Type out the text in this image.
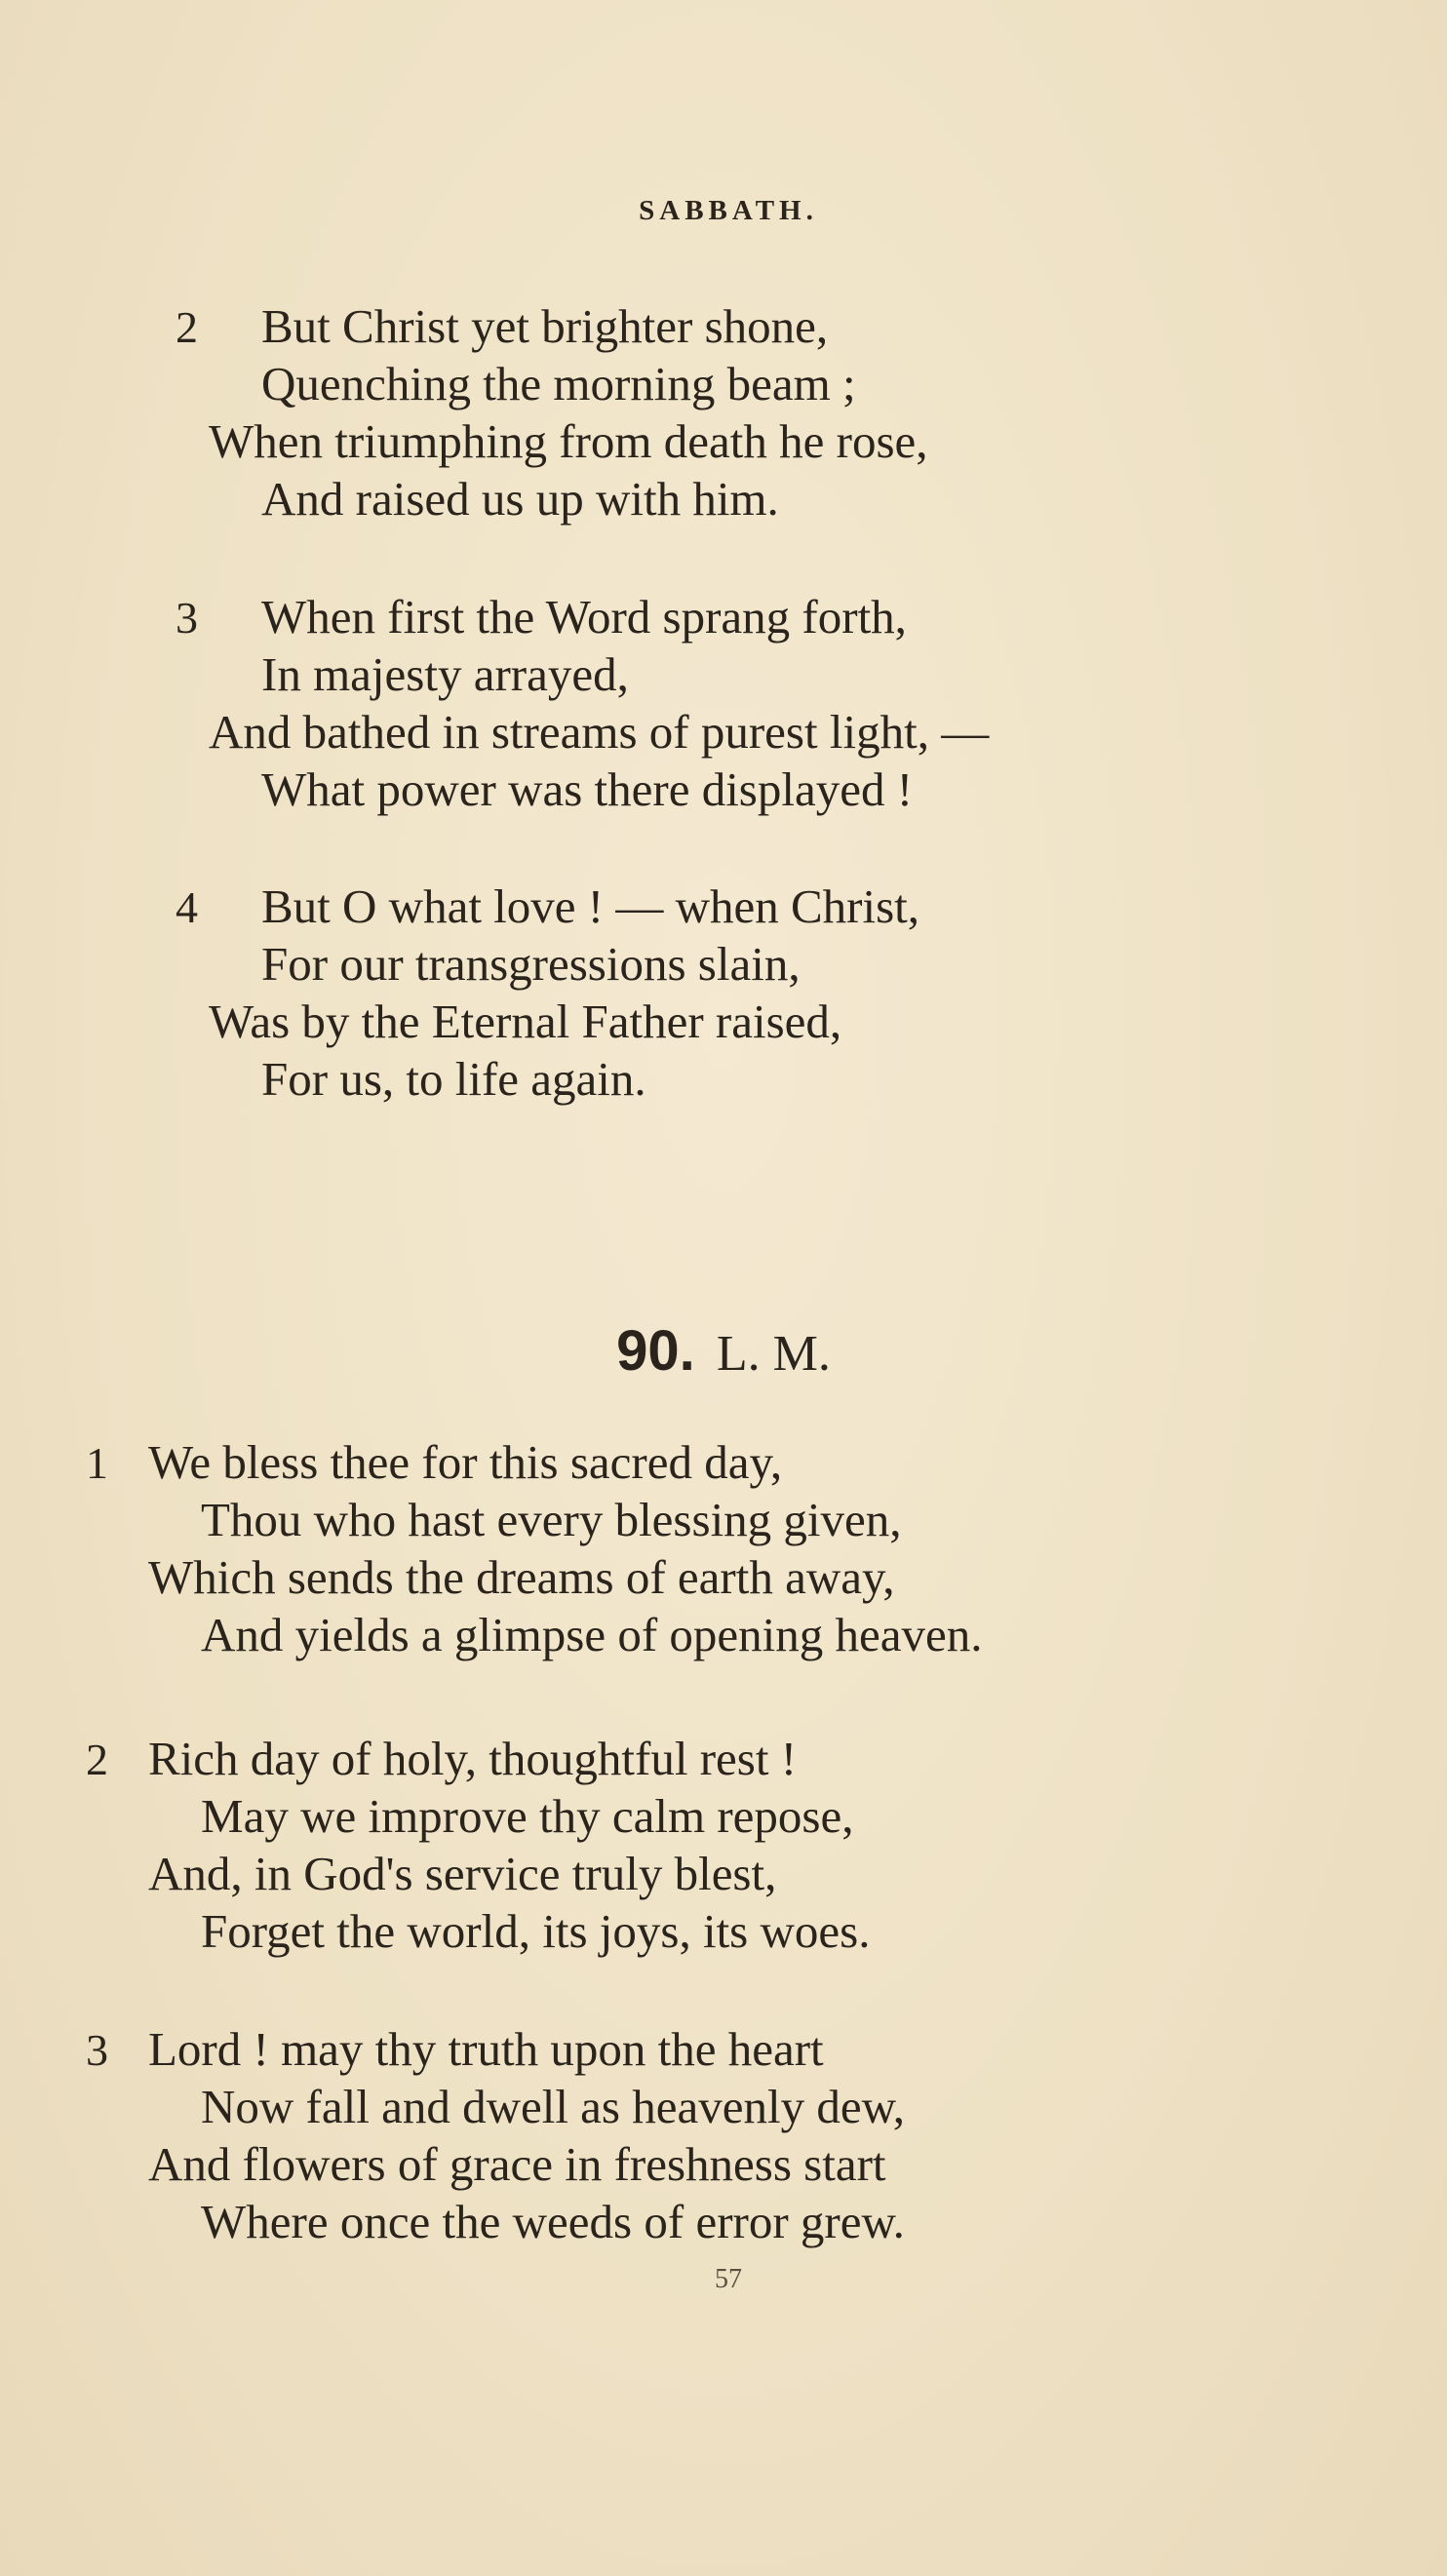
SABBATH.
2 But Christ yet brighter shone,
Quenching the morning beam ;
When triumphing from death he rose,
And raised us up with him.
3 When first the Word sprang forth,
In majesty arrayed,
And bathed in streams of purest light, —
What power was there displayed !
4 But O what love ! — when Christ,
For our transgressions slain,
Was by the Eternal Father raised,
For us, to life again.
90. L. M.
1 We bless thee for this sacred day,
Thou who hast every blessing given,
Which sends the dreams of earth away,
And yields a glimpse of opening heaven.
2 Rich day of holy, thoughtful rest !
May we improve thy calm repose,
And, in God's service truly blest,
Forget the world, its joys, its woes.
3 Lord ! may thy truth upon the heart
Now fall and dwell as heavenly dew,
And flowers of grace in freshness start
Where once the weeds of error grew.
57
